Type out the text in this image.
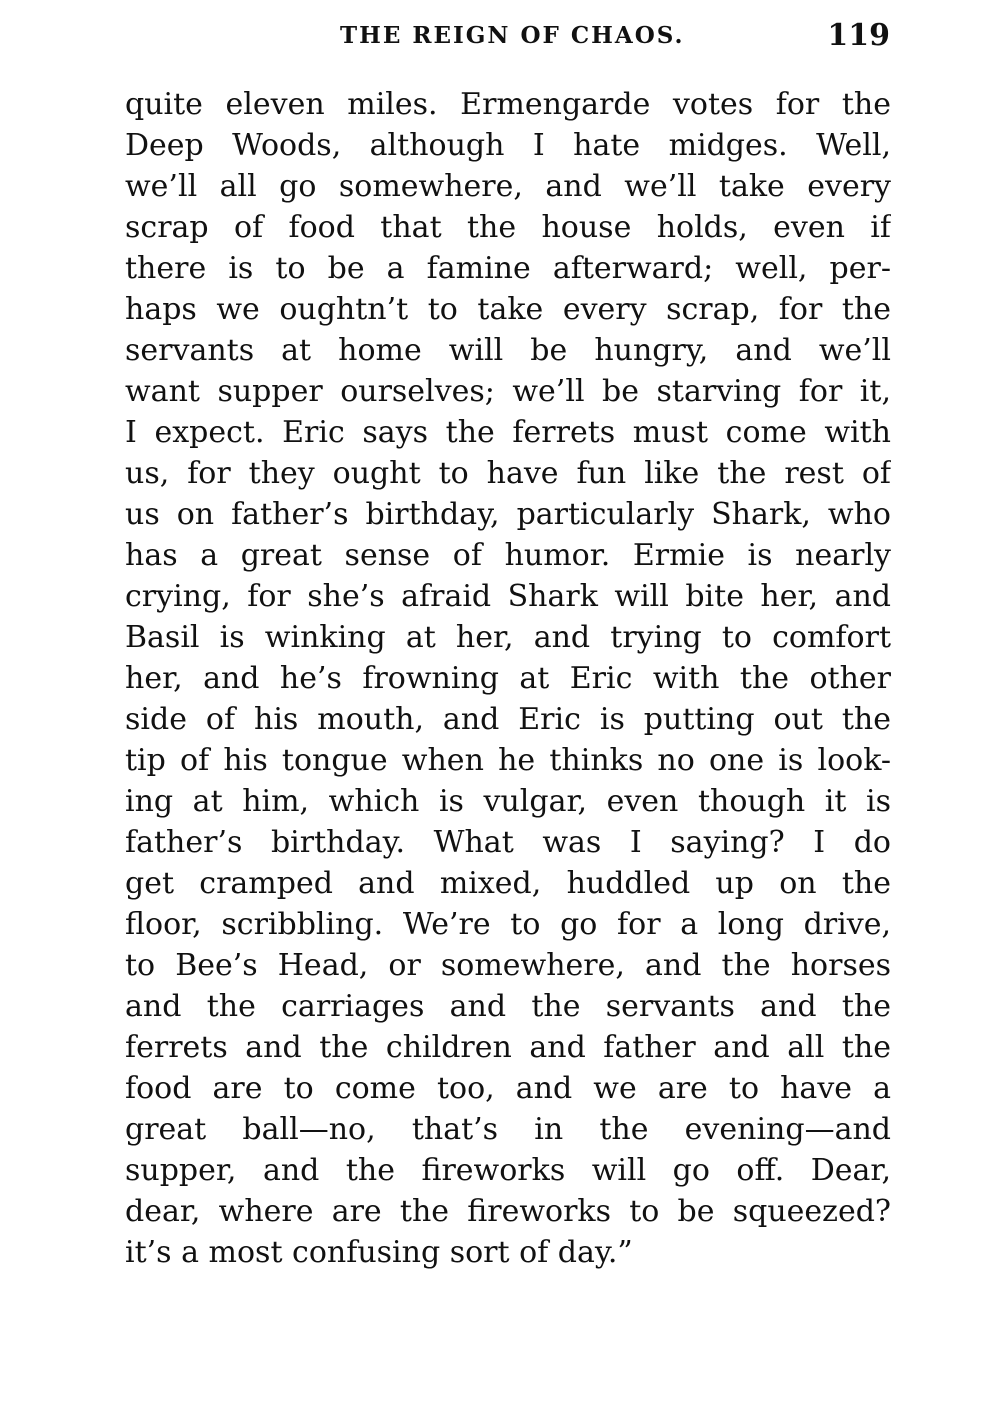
THE REIGN OF CHAOS.	119
quite eleven miles. Ermengarde votes for the
Deep Woods, although I hate midges. Well,
we’ll all go somewhere, and we’ll take every
scrap of food that the house holds, even if
there is to be a famine afterward; well, per-
haps we oughtn’t to take every scrap, for the
servants at home will be hungry, and we’ll
want supper ourselves; we’ll be starving for it,
I expect. Eric says the ferrets must come with
us, for they ought to have fun like the rest of
us on father’s birthday, particularly Shark, who
has a great sense of humor. Ermie is nearly
crying, for she’s afraid Shark will bite her, and
Basil is winking at her, and trying to comfort
her, and he’s frowning at Eric with the other
side of his mouth, and Eric is putting out the
tip of his tongue when he thinks no one is look-
ing at him, which is vulgar, even though it is
father’s birthday. What was I saying? I do
get cramped and mixed, huddled up on the
floor, scribbling. We’re to go for a long drive,
to Bee’s Head, or somewhere, and the horses
and the carriages and the servants and the
ferrets and the children and father and all the
food are to come too, and we are to have a
great ball—no, that’s in the evening—and
supper, and the fireworks will go off. Dear,
dear, where are the fireworks to be squeezed?
it’s a most confusing sort of day.”
